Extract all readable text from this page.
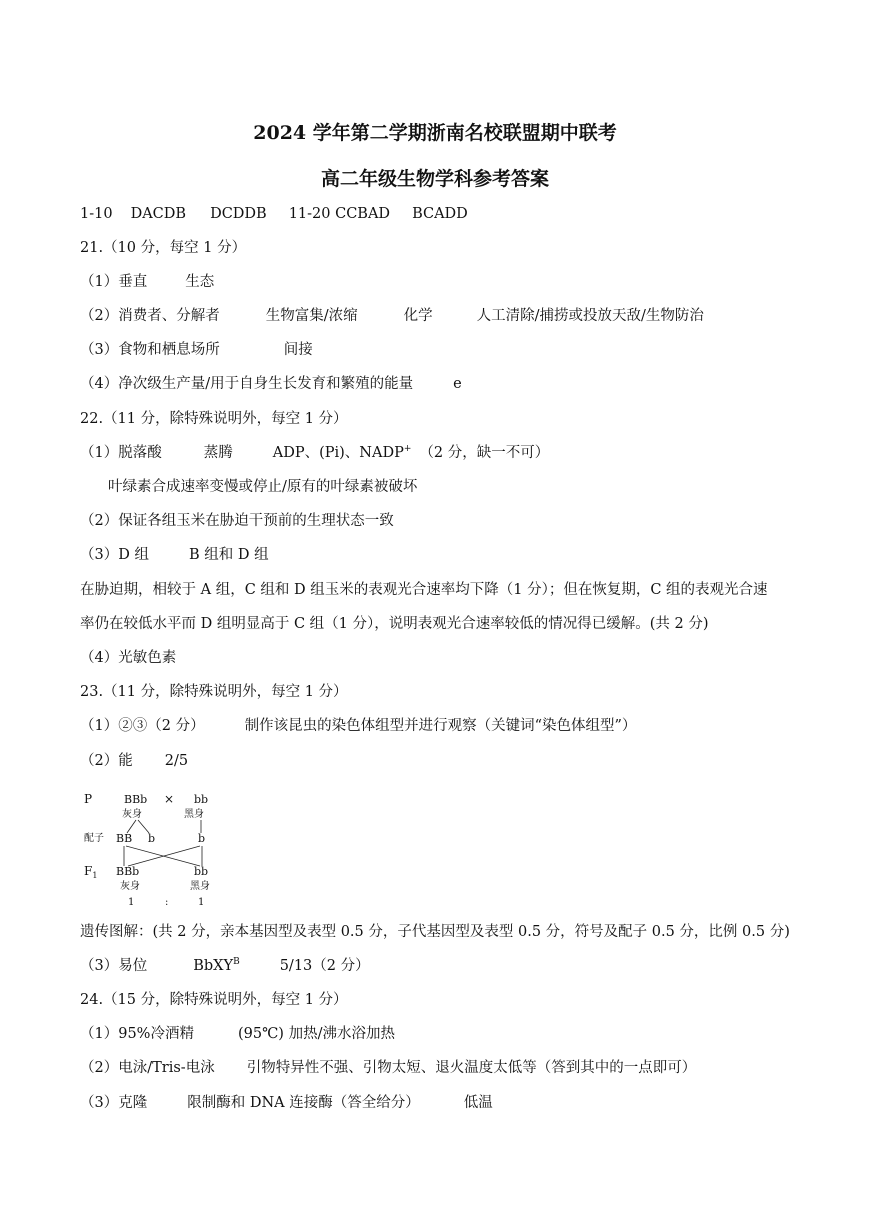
2024 学年第二学期浙南名校联盟期中联考
高二年级生物学科参考答案
1-10 DACDB DCDDB 11-20 CCBAD BCADD
21.（10 分，每空 1 分）
（1）垂直	生态
（2）消费者、分解者	生物富集/浓缩	化学	人工清除/捕捞或投放天敌/生物防治
（3）食物和栖息场所	间接
（4）净次级生产量/用于自身生长发育和繁殖的能量	e
22.（11 分，除特殊说明外，每空 1 分）
（1）脱落酸	蒸腾	ADP、(Pi)、NADP+ （2 分，缺一不可）
叶绿素合成速率变慢或停止/原有的叶绿素被破坏
（2）保证各组玉米在胁迫干预前的生理状态一致
（3）D 组	B 组和 D 组
在胁迫期，相较于 A 组，C 组和 D 组玉米的表观光合速率均下降（1 分）；但在恢复期，C 组的表观光合速
率仍在较低水平而 D 组明显高于 C 组（1 分），说明表观光合速率较低的情况得已缓解。(共 2 分)
（4）光敏色素
23.（11 分，除特殊说明外，每空 1 分）
（1）②③（2 分）	制作该昆虫的染色体组型并进行观察（关键词“染色体组型”）
（2）能 2/5
P	BBb × bb
灰身	黑身
配子 BB b	b
$F_1$ BBb	bb
灰身	黑身
1	:	1
遗传图解：(共 2 分，亲本基因型及表型 0.5 分，子代基因型及表型 0.5 分，符号及配子 0.5 分，比例 0.5 分)
（3）易位	BbXY$^B$	5/13（2 分）
24.（15 分，除特殊说明外，每空 1 分）
（1）95%冷酒精	(95℃) 加热/沸水浴加热
（2）电泳/Tris-电泳 引物特异性不强、引物太短、退火温度太低等（答到其中的一点即可）
（3）克隆	限制酶和 DNA 连接酶（答全给分）	低温
